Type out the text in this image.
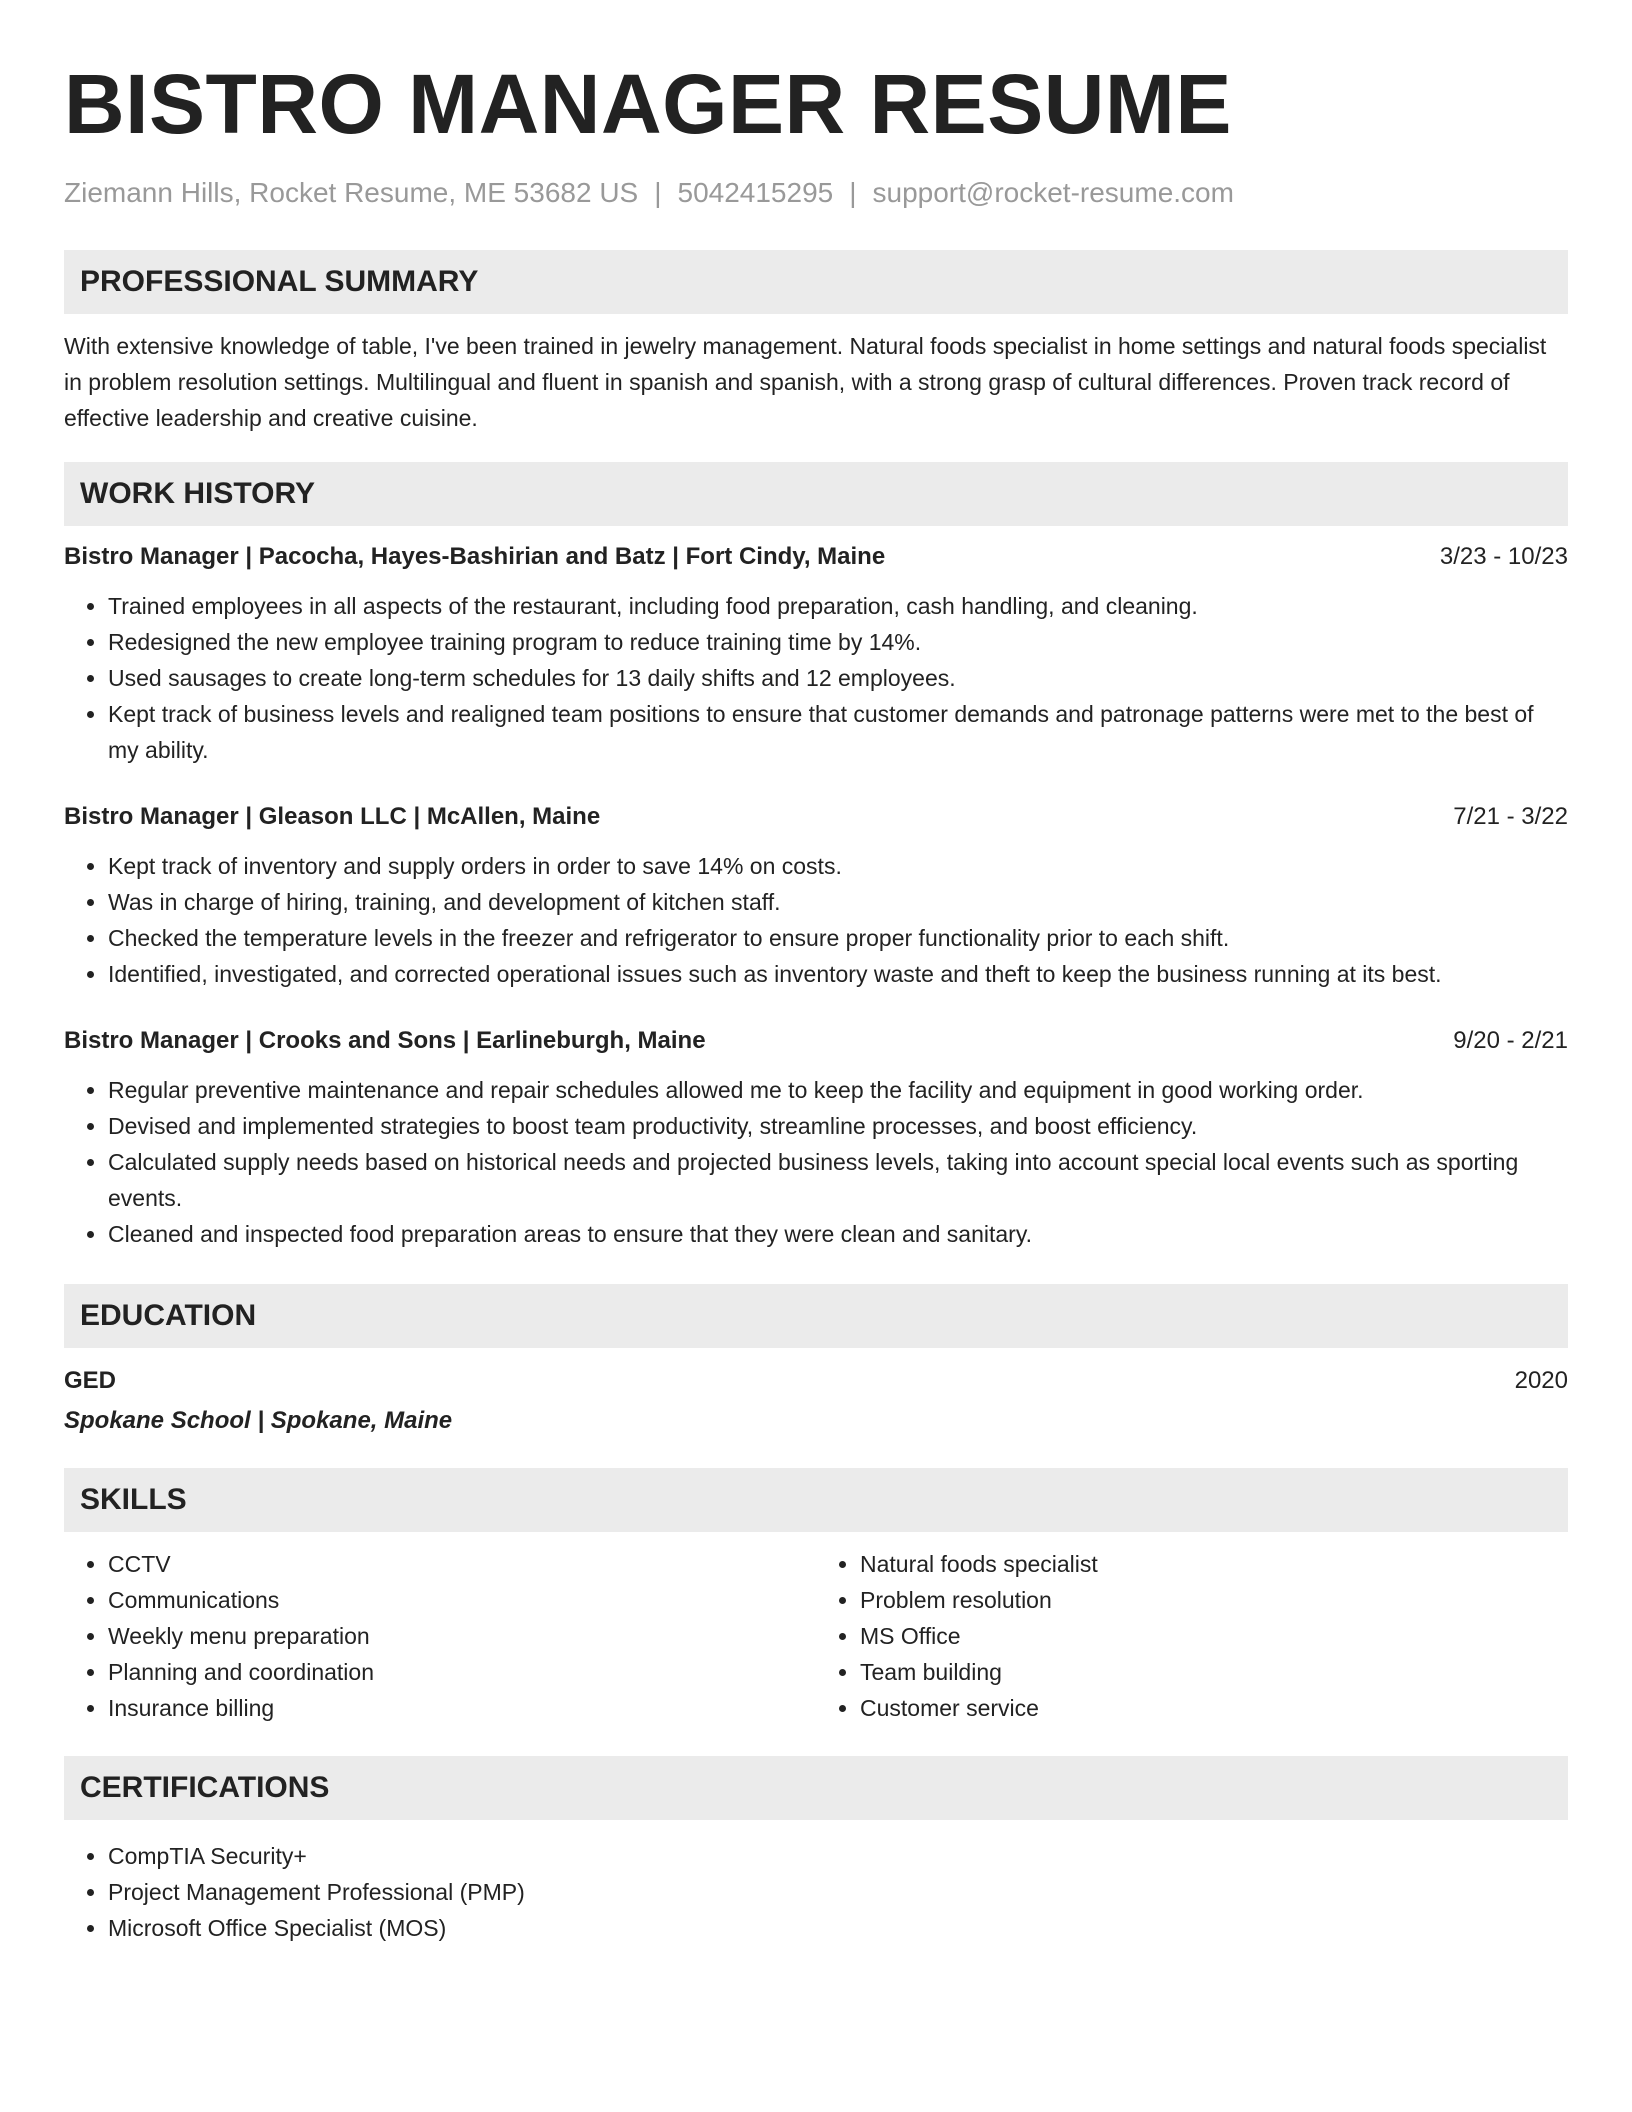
BISTRO MANAGER RESUME
Ziemann Hills, Rocket Resume, ME 53682 US | 5042415295 | support@rocket-resume.com
PROFESSIONAL SUMMARY

With extensive knowledge of table, I've been trained in jewelry management. Natural foods specialist in home settings and natural foods specialist in problem resolution settings. Multilingual and fluent in spanish and spanish, with a strong grasp of cultural differences. Proven track record of effective leadership and creative cuisine.

WORK HISTORY
Bistro Manager | Pacocha, Hayes-Bashirian and Batz | Fort Cindy, Maine	3/23 - 10/23
• Trained employees in all aspects of the restaurant, including food preparation, cash handling, and cleaning.
• Redesigned the new employee training program to reduce training time by 14%.
• Used sausages to create long-term schedules for 13 daily shifts and 12 employees.
• Kept track of business levels and realigned team positions to ensure that customer demands and patronage patterns were met to the best of my ability.
Bistro Manager | Gleason LLC | McAllen, Maine	7/21 - 3/22
• Kept track of inventory and supply orders in order to save 14% on costs.
• Was in charge of hiring, training, and development of kitchen staff.
• Checked the temperature levels in the freezer and refrigerator to ensure proper functionality prior to each shift.
• Identified, investigated, and corrected operational issues such as inventory waste and theft to keep the business running at its best.
Bistro Manager | Crooks and Sons | Earlineburgh, Maine	9/20 - 2/21
• Regular preventive maintenance and repair schedules allowed me to keep the facility and equipment in good working order.
• Devised and implemented strategies to boost team productivity, streamline processes, and boost efficiency.
• Calculated supply needs based on historical needs and projected business levels, taking into account special local events such as sporting events.
• Cleaned and inspected food preparation areas to ensure that they were clean and sanitary.
EDUCATION
GED	2020
Spokane School | Spokane, Maine
SKILLS
• CCTV
• Communications
• Weekly menu preparation
• Planning and coordination
• Insurance billing
• Natural foods specialist
• Problem resolution
• MS Office
• Team building
• Customer service
CERTIFICATIONS
• CompTIA Security+
• Project Management Professional (PMP)
• Microsoft Office Specialist (MOS)
